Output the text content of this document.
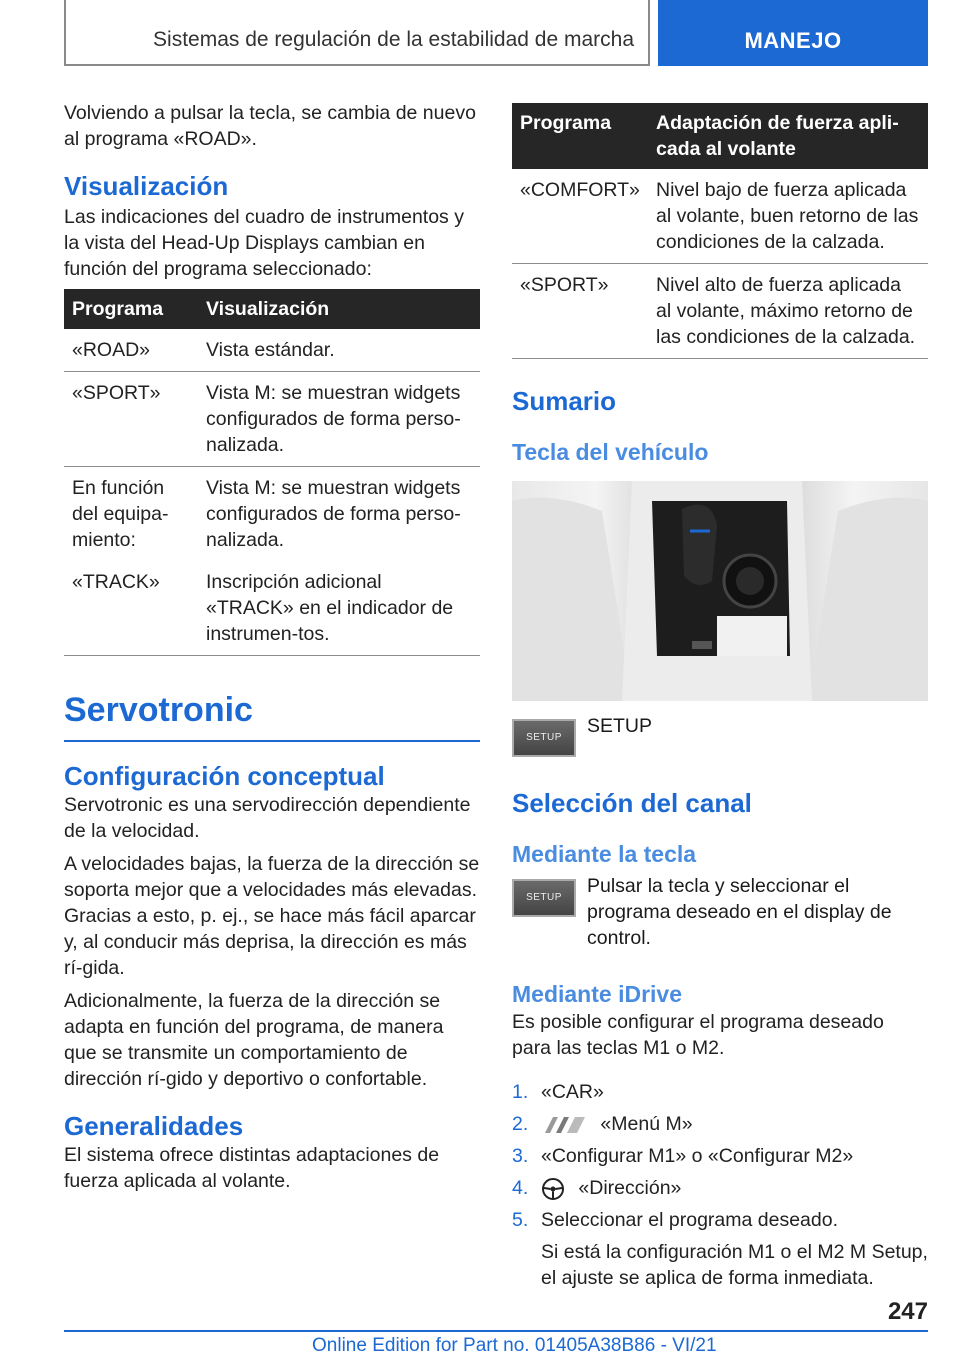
Sistemas de regulación de la estabilidad de marcha	MANEJO

Volviendo a pulsar la tecla, se cambia de nuevo al programa «ROAD».

Visualización

Las indicaciones del cuadro de instrumentos y la vista del Head-Up Displays cambian en función del programa seleccionado:

Programa	Visualización
«ROAD»	Vista estándar.
«SPORT»	Vista M: se muestran widgets configurados de forma perso-nalizada.
En función del equipa-miento:	Vista M: se muestran widgets configurados de forma perso-nalizada.
«TRACK»	Inscripción adicional «TRACK» en el indicador de instrumen-tos.
Servotronic
Configuración conceptual

Servotronic es una servodirección dependiente de la velocidad.

A velocidades bajas, la fuerza de la dirección se soporta mejor que a velocidades más elevadas. Gracias a esto, p. ej., se hace más fácil aparcar y, al conducir más deprisa, la dirección es más rí-gida.

Adicionalmente, la fuerza de la dirección se adapta en función del programa, de manera que se transmite un comportamiento de dirección rí-gido y deportivo o confortable.

Generalidades

El sistema ofrece distintas adaptaciones de fuerza aplicada al volante.

Programa	Adaptación de fuerza apli-cada al volante
«COMFORT»	Nivel bajo de fuerza aplicada al volante, buen retorno de las condiciones de la calzada.
«SPORT»	Nivel alto de fuerza aplicada al volante, máximo retorno de las condiciones de la calzada.
Sumario
Tecla del vehículo
SETUP
SETUP
Selección del canal
Mediante la tecla
SETUP
Pulsar la tecla y seleccionar el programa deseado en el display de control.
Mediante iDrive

Es posible configurar el programa deseado para las teclas M1 o M2.

1. «CAR»
2.	«Menú M»
3. «Configurar M1» o «Configurar M2»
4.	«Dirección»
5. Seleccionar el programa deseado.
Si está la configuración M1 o el M2 M Setup, el ajuste se aplica de forma inmediata.
247
Online Edition for Part no. 01405A38B86 - VI/21
